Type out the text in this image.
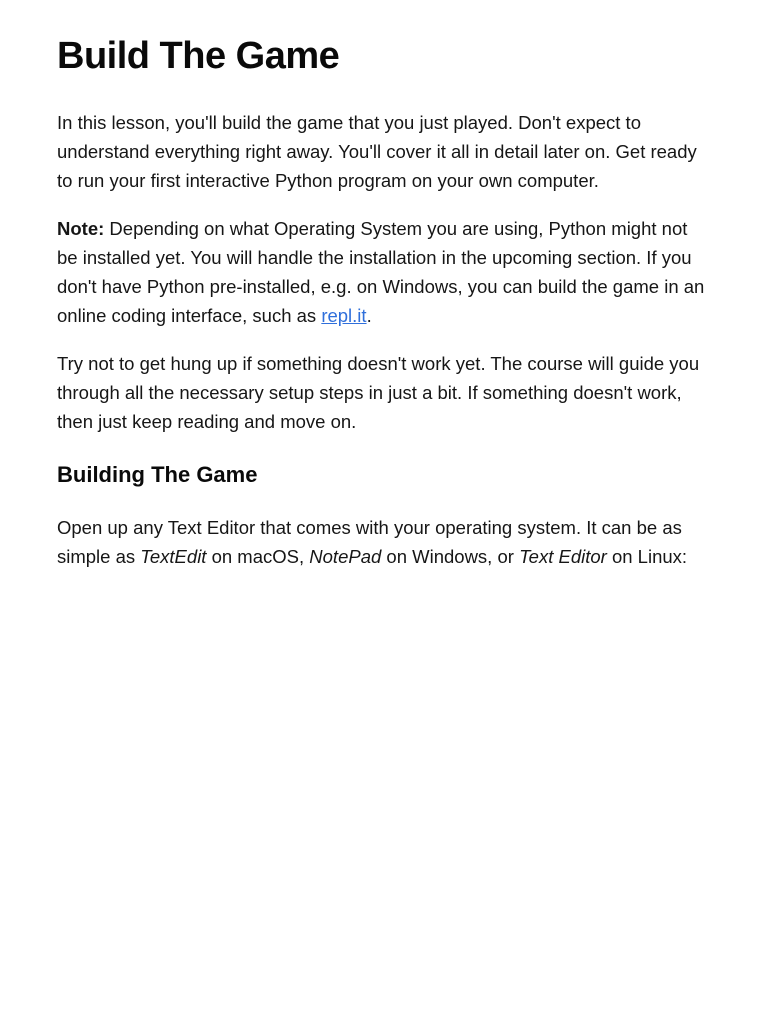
Build The Game

In this lesson, you'll build the game that you just played. Don't expect to understand everything right away. You'll cover it all in detail later on. Get ready to run your first interactive Python program on your own computer.

Note: Depending on what Operating System you are using, Python might not be installed yet. You will handle the installation in the upcoming section. If you don't have Python pre-installed, e.g. on Windows, you can build the game in an online coding interface, such as repl.it.

Try not to get hung up if something doesn't work yet. The course will guide you through all the necessary setup steps in just a bit. If something doesn't work, then just keep reading and move on.

Building The Game

Open up any Text Editor that comes with your operating system. It can be as simple as TextEdit on macOS, NotePad on Windows, or Text Editor on Linux:
